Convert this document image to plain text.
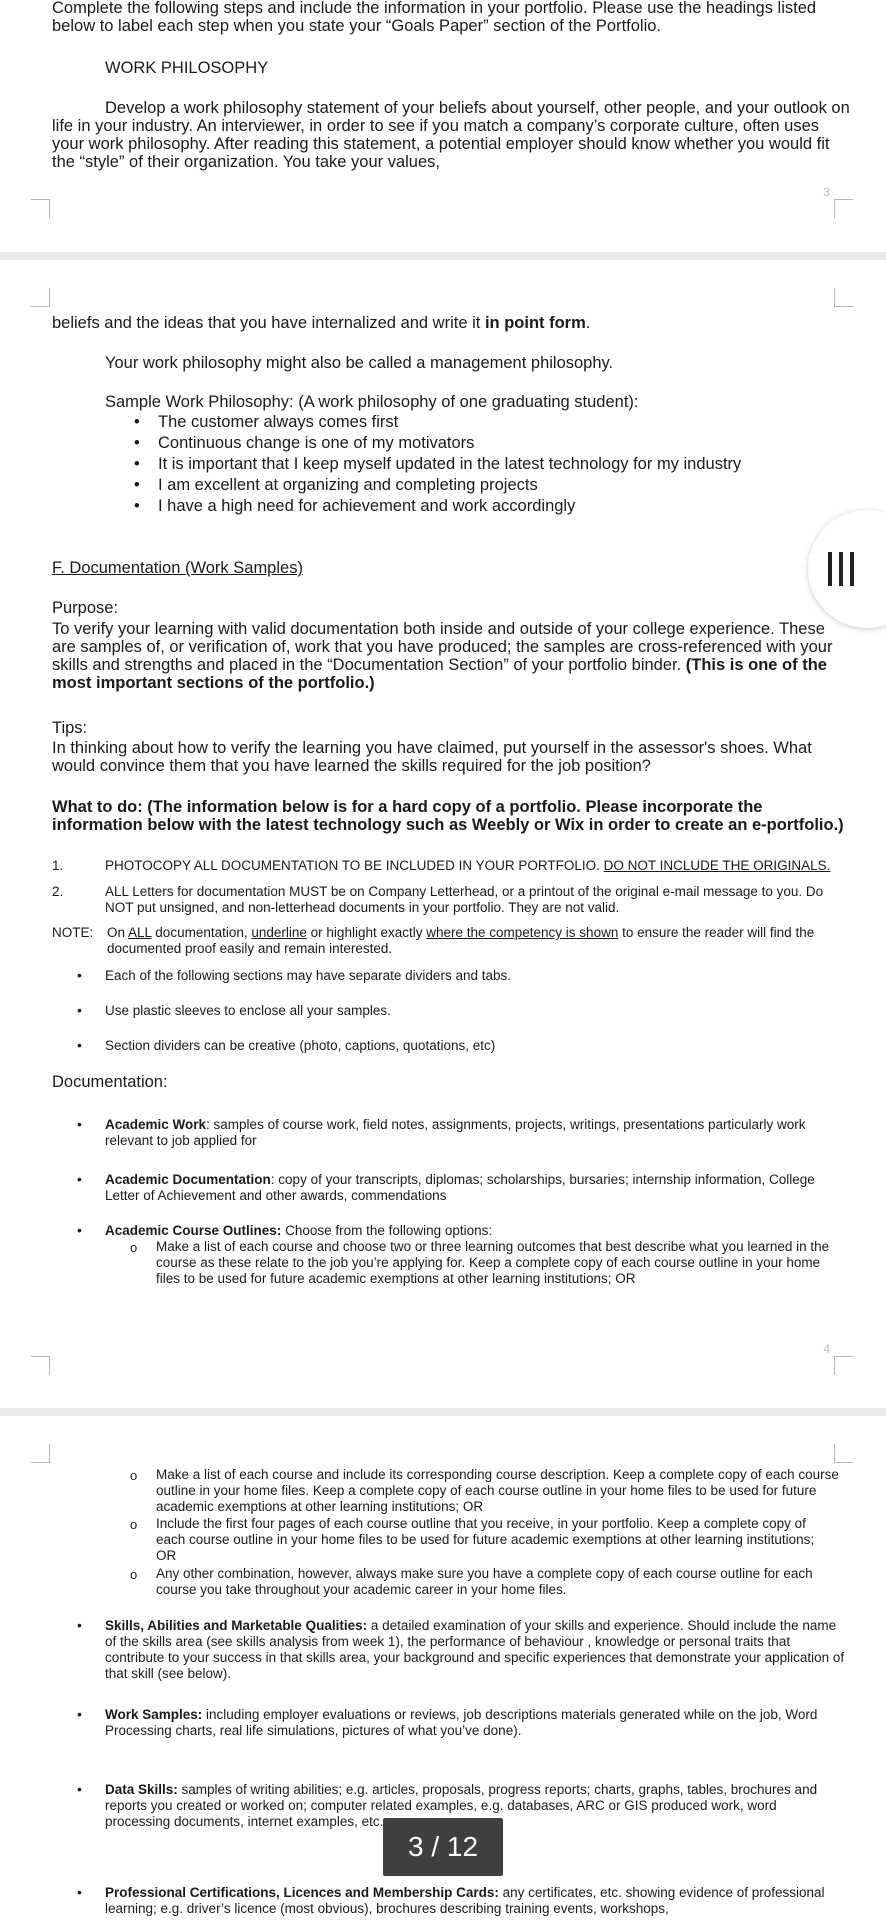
Complete the following steps and include the information in your portfolio. Please use the headings listed below to label each step when you state your “Goals Paper” section of the Portfolio.

WORK PHILOSOPHY

Develop a work philosophy statement of your beliefs about yourself, other people, and your outlook on life in your industry. An interviewer, in order to see if you match a company’s corporate culture, often uses your work philosophy. After reading this statement, a potential employer should know whether you would fit the “style” of their organization. You take your values,

3

beliefs and the ideas that you have internalized and write it in point form.

Your work philosophy might also be called a management philosophy.

Sample Work Philosophy: (A work philosophy of one graduating student):

• The customer always comes first
• Continuous change is one of my motivators
• It is important that I keep myself updated in the latest technology for my industry
• I am excellent at organizing and completing projects
• I have a high need for achievement and work accordingly

F. Documentation (Work Samples)

Purpose:

To verify your learning with valid documentation both inside and outside of your college experience. These are samples of, or verification of, work that you have produced; the samples are cross-referenced with your skills and strengths and placed in the “Documentation Section” of your portfolio binder. (This is one of the most important sections of the portfolio.)

Tips:

In thinking about how to verify the learning you have claimed, put yourself in the assessor's shoes. What would convince them that you have learned the skills required for the job position?

What to do: (The information below is for a hard copy of a portfolio. Please incorporate the information below with the latest technology such as Weebly or Wix in order to create an e-portfolio.)

1.	PHOTOCOPY ALL DOCUMENTATION TO BE INCLUDED IN YOUR PORTFOLIO. DO NOT INCLUDE THE ORIGINALS.

2.	ALL Letters for documentation MUST be on Company Letterhead, or a printout of the original e-mail message to you. Do NOT put unsigned, and non-letterhead documents in your portfolio. They are not valid.

NOTE: On ALL documentation, underline or highlight exactly where the competency is shown to ensure the reader will find the documented proof easily and remain interested.

• Each of the following sections may have separate dividers and tabs.

• Use plastic sleeves to enclose all your samples.

• Section dividers can be creative (photo, captions, quotations, etc)

Documentation:

• Academic Work: samples of course work, field notes, assignments, projects, writings, presentations particularly work relevant to job applied for

• Academic Documentation: copy of your transcripts, diplomas; scholarships, bursaries; internship information, College Letter of Achievement and other awards, commendations

• Academic Course Outlines: Choose from the following options:

o Make a list of each course and choose two or three learning outcomes that best describe what you learned in the course as these relate to the job you’re applying for. Keep a complete copy of each course outline in your home files to be used for future academic exemptions at other learning institutions; OR

4
o Make a list of each course and include its corresponding course description. Keep a complete copy of each course outline in your home files. Keep a complete copy of each course outline in your home files to be used for future academic exemptions at other learning institutions; OR

o Include the first four pages of each course outline that you receive, in your portfolio. Keep a complete copy of each course outline in your home files to be used for future academic exemptions at other learning institutions; OR

o Any other combination, however, always make sure you have a complete copy of each course outline for each course you take throughout your academic career in your home files.

• Skills, Abilities and Marketable Qualities: a detailed examination of your skills and experience. Should include the name of the skills area (see skills analysis from week 1), the performance of behaviour , knowledge or personal traits that contribute to your success in that skills area, your background and specific experiences that demonstrate your application of that skill (see below).

• Work Samples: including employer evaluations or reviews, job descriptions materials generated while on the job, Word Processing charts, real life simulations, pictures of what you’ve done).

• Data Skills: samples of writing abilities; e.g. articles, proposals, progress reports; charts, graphs, tables, brochures and reports you created or worked on; computer related examples, e.g. databases, ARC or GIS produced work, word processing documents, internet examples, etc.

• Professional Certifications, Licences and Membership Cards: any certificates, etc. showing evidence of professional learning; e.g. driver’s licence (most obvious), brochures describing training events, workshops,

3 / 12
